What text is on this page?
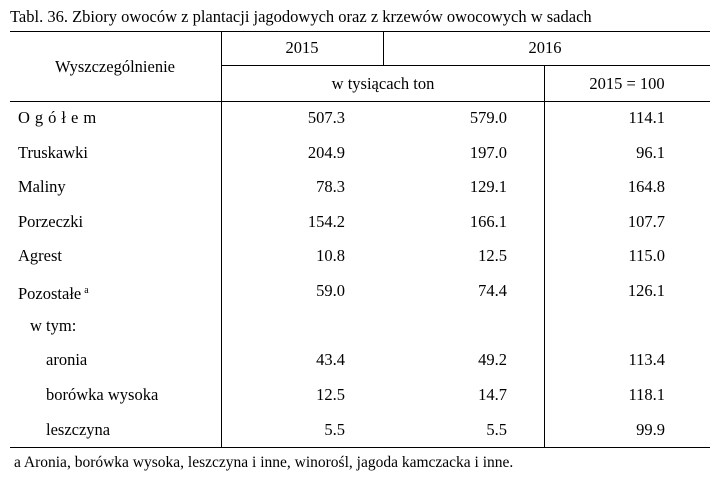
Tabl. 36. Zbiory owoców z plantacji jagodowych oraz z krzewów owocowych w sadach
Wyszczególnienie
2015	2016
w tysiącach ton	2015 = 100
Ogółem	507.3	579.0	114.1
Truskawki	204.9	197.0	96.1
Maliny	78.3	129.1	164.8
Porzeczki	154.2	166.1	107.7
Agrest	10.8	12.5	115.0
Pozostałe $^a$	59.0	74.4	126.1
w tym:
aronia	43.4	49.2	113.4
borówka wysoka	12.5	14.7	118.1
leszczyna	5.5	5.5	99.9
a Aronia, borówka wysoka, leszczyna i inne, winorośl, jagoda kamczacka i inne.
